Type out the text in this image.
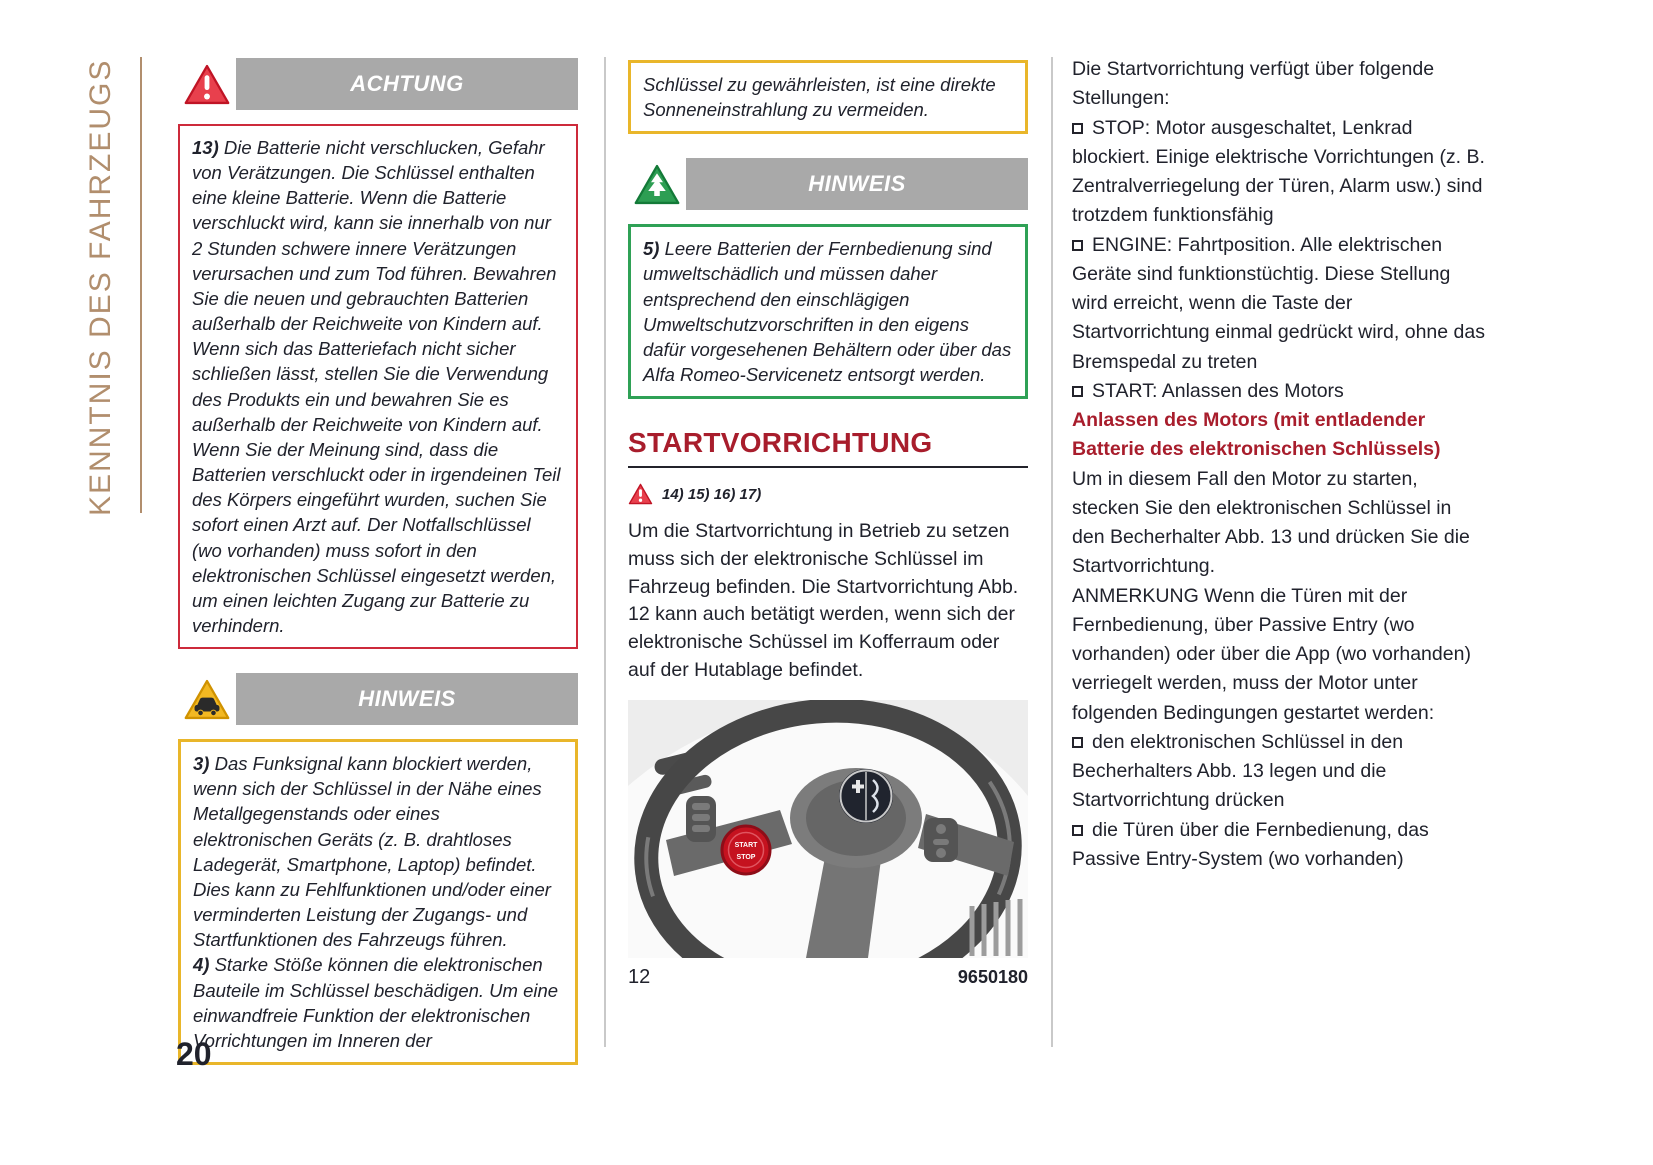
KENNTNIS DES FAHRZEUGS	ACHTUNG

13) Die Batterie nicht verschlucken, Gefahr von Verätzungen. Die Schlüssel enthalten eine kleine Batterie. Wenn die Batterie verschluckt wird, kann sie innerhalb von nur 2 Stunden schwere innere Verätzungen verursachen und zum Tod führen. Bewahren Sie die neuen und gebrauchten Batterien außerhalb der Reichweite von Kindern auf. Wenn sich das Batteriefach nicht sicher schließen lässt, stellen Sie die Verwendung des Produkts ein und bewahren Sie es außerhalb der Reichweite von Kindern auf. Wenn Sie der Meinung sind, dass die Batterien verschluckt oder in irgendeinen Teil des Körpers eingeführt wurden, suchen Sie sofort einen Arzt auf. Der Notfallschlüssel (wo vorhanden) muss sofort in den elektronischen Schlüssel eingesetzt werden, um einen leichten Zugang zur Batterie zu verhindern.

HINWEIS

3) Das Funksignal kann blockiert werden, wenn sich der Schlüssel in der Nähe eines Metallgegenstands oder eines elektronischen Geräts (z. B. drahtloses Ladegerät, Smartphone, Laptop) befindet. Dies kann zu Fehlfunktionen und/oder einer verminderten Leistung der Zugangs- und Startfunktionen des Fahrzeugs führen.

4) Starke Stöße können die elektronischen Bauteile im Schlüssel beschädigen. Um eine einwandfreie Funktion der elektronischen Vorrichtungen im Inneren der

Schlüssel zu gewährleisten, ist eine direkte Sonneneinstrahlung zu vermeiden.

HINWEIS

5) Leere Batterien der Fernbedienung sind umweltschädlich und müssen daher entsprechend den einschlägigen Umweltschutzvorschriften in den eigens dafür vorgesehenen Behältern oder über das Alfa Romeo-Servicenetz entsorgt werden.

STARTVORRICHTUNG
14) 15) 16) 17)

Um die Startvorrichtung in Betrieb zu setzen muss sich der elektronische Schlüssel im Fahrzeug befinden. Die Startvorrichtung Abb. 12 kann auch betätigt werden, wenn sich der elektronische Schüssel im Kofferraum oder auf der Hutablage befindet.

START
STOP
12	9650180

Die Startvorrichtung verfügt über folgende Stellungen:

STOP: Motor ausgeschaltet, Lenkrad blockiert. Einige elektrische Vorrichtungen (z. B. Zentralverriegelung der Türen, Alarm usw.) sind trotzdem funktionsfähig

ENGINE: Fahrtposition. Alle elektrischen Geräte sind funktionstüchtig. Diese Stellung wird erreicht, wenn die Taste der Startvorrichtung einmal gedrückt wird, ohne das Bremspedal zu treten

START: Anlassen des Motors

Anlassen des Motors (mit entladender Batterie des elektronischen Schlüssels)

Um in diesem Fall den Motor zu starten, stecken Sie den elektronischen Schlüssel in den Becherhalter Abb. 13 und drücken Sie die Startvorrichtung.

ANMERKUNG Wenn die Türen mit der Fernbedienung, über Passive Entry (wo vorhanden) oder über die App (wo vorhanden) verriegelt werden, muss der Motor unter folgenden Bedingungen gestartet werden:

den elektronischen Schlüssel in den Becherhalters Abb. 13 legen und die Startvorrichtung drücken

die Türen über die Fernbedienung, das Passive Entry-System (wo vorhanden)

20
